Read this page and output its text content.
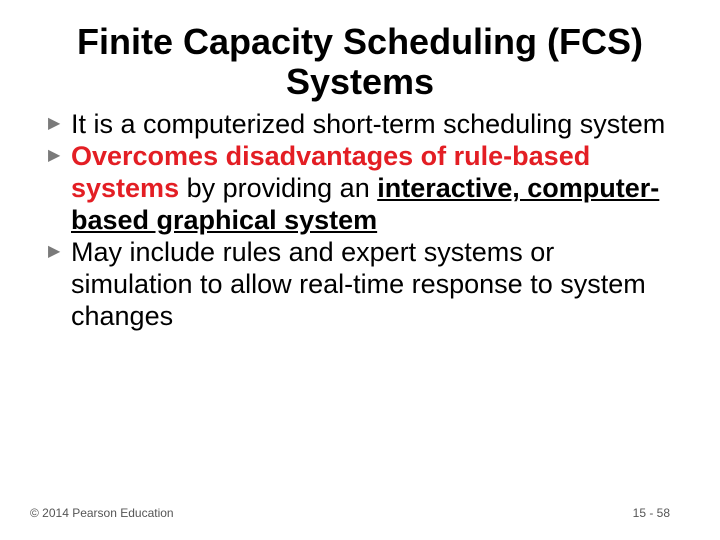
Finite Capacity Scheduling (FCS) Systems
▶ It is a computerized short-term scheduling system
▶ Overcomes disadvantages of rule-based systems by providing an interactive, computer-based graphical system
▶ May include rules and expert systems or simulation to allow real-time response to system changes
© 2014 Pearson Education	15 - 58
